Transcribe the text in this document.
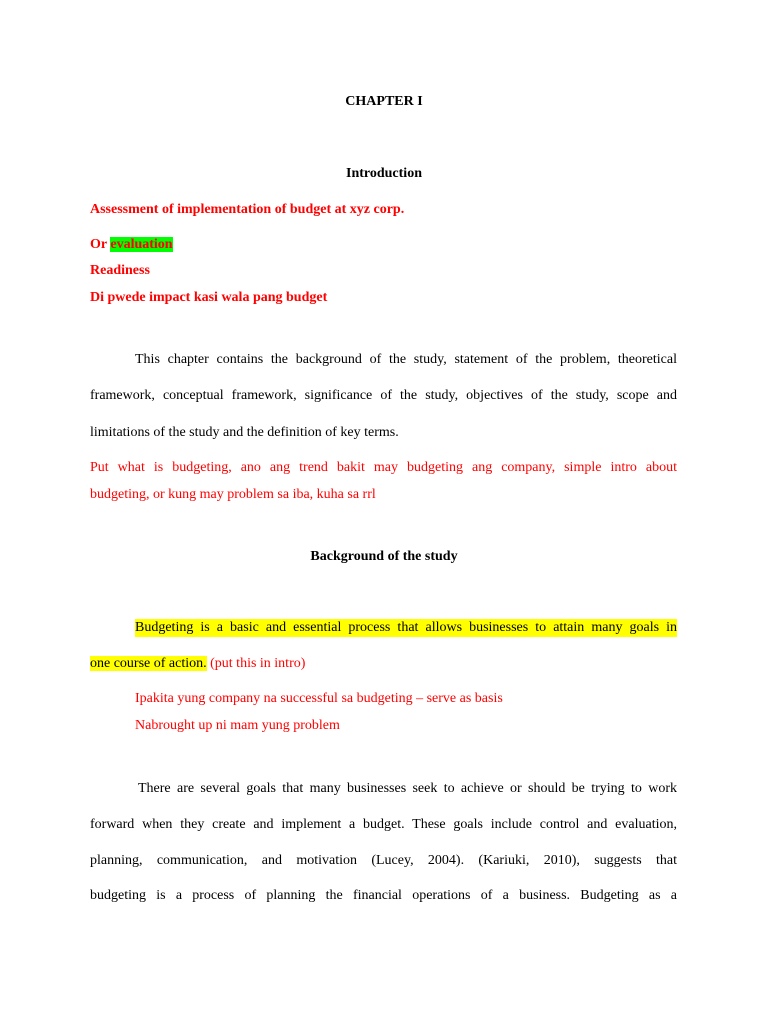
CHAPTER I
Introduction
Assessment of implementation of budget at xyz corp.
Or evaluation
Readiness
Di pwede impact kasi wala pang budget
This chapter contains the background of the study, statement of the problem, theoretical
framework, conceptual framework, significance of the study, objectives of the study, scope and
limitations of the study and the definition of key terms.
Put what is budgeting, ano ang trend bakit may budgeting ang company, simple intro about
budgeting, or kung may problem sa iba, kuha sa rrl
Background of the study
Budgeting is a basic and essential process that allows businesses to attain many goals in
one course of action. (put this in intro)
Ipakita yung company na successful sa budgeting – serve as basis
Nabrought up ni mam yung problem
There are several goals that many businesses seek to achieve or should be trying to work
forward when they create and implement a budget. These goals include control and evaluation,
planning, communication, and motivation (Lucey, 2004). (Kariuki, 2010), suggests that
budgeting is a process of planning the financial operations of a business. Budgeting as a
